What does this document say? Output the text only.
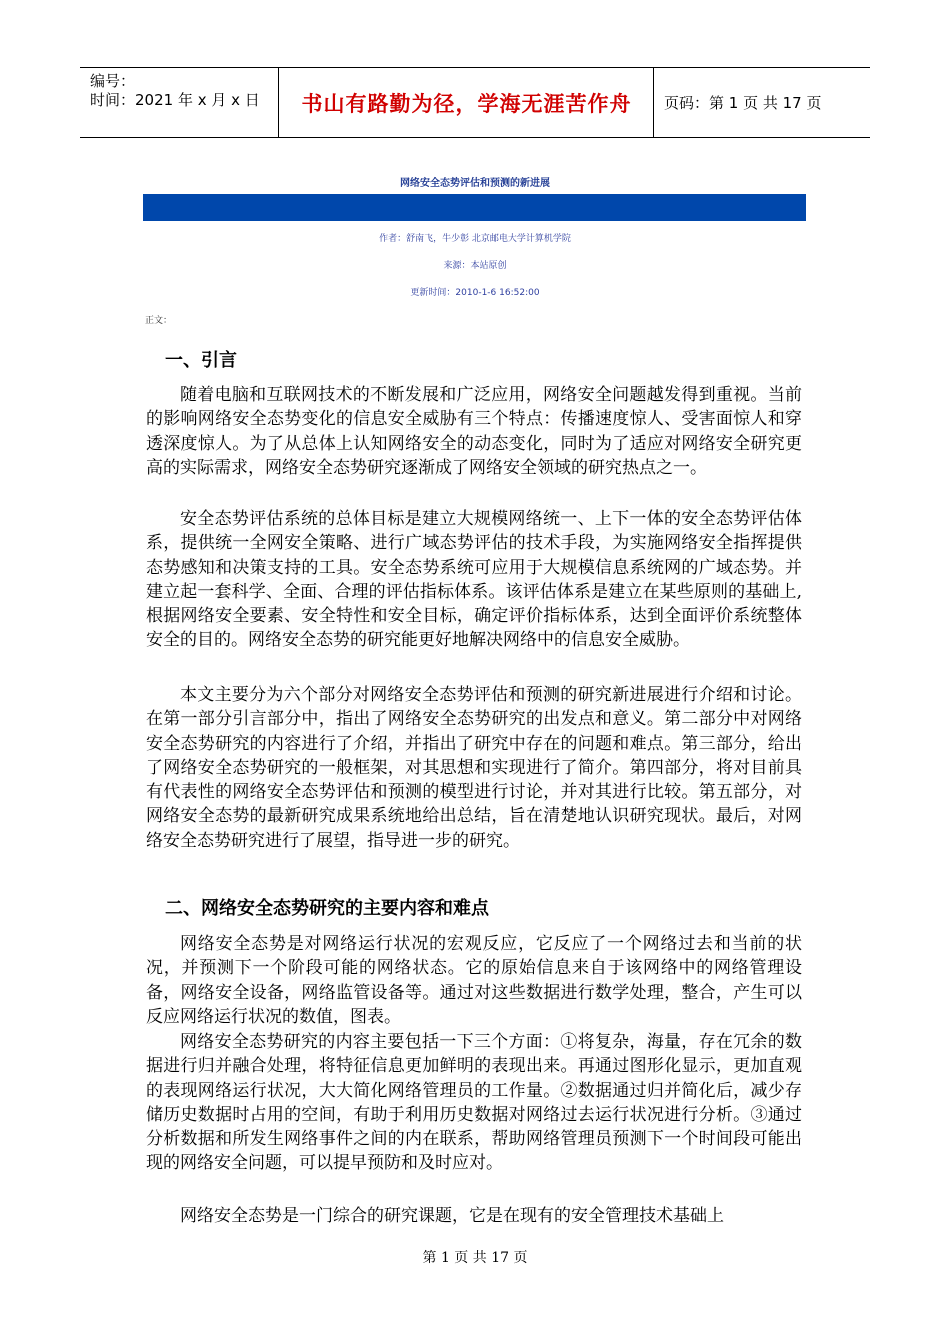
编号：
时间：2021 年 x 月 x 日	书山有路勤为径，学海无涯苦作舟 页码：第 1 页 共 17 页
网络安全态势评估和预测的新进展
作者：舒南飞，牛少彰 北京邮电大学计算机学院
来源：本站原创
更新时间：2010-1-6 16:52:00
正文：
一、引言
随着电脑和互联网技术的不断发展和广泛应用，网络安全问题越发得到重视。当前的影响网络安全态势变化的信息安全威胁有三个特点：传播速度惊人、受害面惊人和穿透深度惊人。为了从总体上认知网络安全的动态变化，同时为了适应对网络安全研究更高的实际需求，网络安全态势研究逐渐成了网络安全领域的研究热点之一。
安全态势评估系统的总体目标是建立大规模网络统一、上下一体的安全态势评估体系，提供统一全网安全策略、进行广域态势评估的技术手段，为实施网络安全指挥提供态势感知和决策支持的工具。安全态势系统可应用于大规模信息系统网的广域态势。并建立起一套科学、全面、合理的评估指标体系。该评估体系是建立在某些原则的基础上,根据网络安全要素、安全特性和安全目标，确定评价指标体系，达到全面评价系统整体安全的目的。网络安全态势的研究能更好地解决网络中的信息安全威胁。
本文主要分为六个部分对网络安全态势评估和预测的研究新进展进行介绍和讨论。在第一部分引言部分中，指出了网络安全态势研究的出发点和意义。第二部分中对网络安全态势研究的内容进行了介绍，并指出了研究中存在的问题和难点。第三部分，给出了网络安全态势研究的一般框架，对其思想和实现进行了简介。第四部分，将对目前具有代表性的网络安全态势评估和预测的模型进行讨论，并对其进行比较。第五部分，对网络安全态势的最新研究成果系统地给出总结，旨在清楚地认识研究现状。最后，对网络安全态势研究进行了展望，指导进一步的研究。
二、网络安全态势研究的主要内容和难点
网络安全态势是对网络运行状况的宏观反应，它反应了一个网络过去和当前的状况，并预测下一个阶段可能的网络状态。它的原始信息来自于该网络中的网络管理设备，网络安全设备，网络监管设备等。通过对这些数据进行数学处理，整合，产生可以反应网络运行状况的数值，图表。
网络安全态势研究的内容主要包括一下三个方面：①将复杂，海量，存在冗余的数据进行归并融合处理，将特征信息更加鲜明的表现出来。再通过图形化显示，更加直观的表现网络运行状况，大大简化网络管理员的工作量。②数据通过归并简化后，减少存储历史数据时占用的空间，有助于利用历史数据对网络过去运行状况进行分析。③通过分析数据和所发生网络事件之间的内在联系，帮助网络管理员预测下一个时间段可能出现的网络安全问题，可以提早预防和及时应对。
网络安全态势是一门综合的研究课题，它是在现有的安全管理技术基础上
第 1 页 共 17 页
